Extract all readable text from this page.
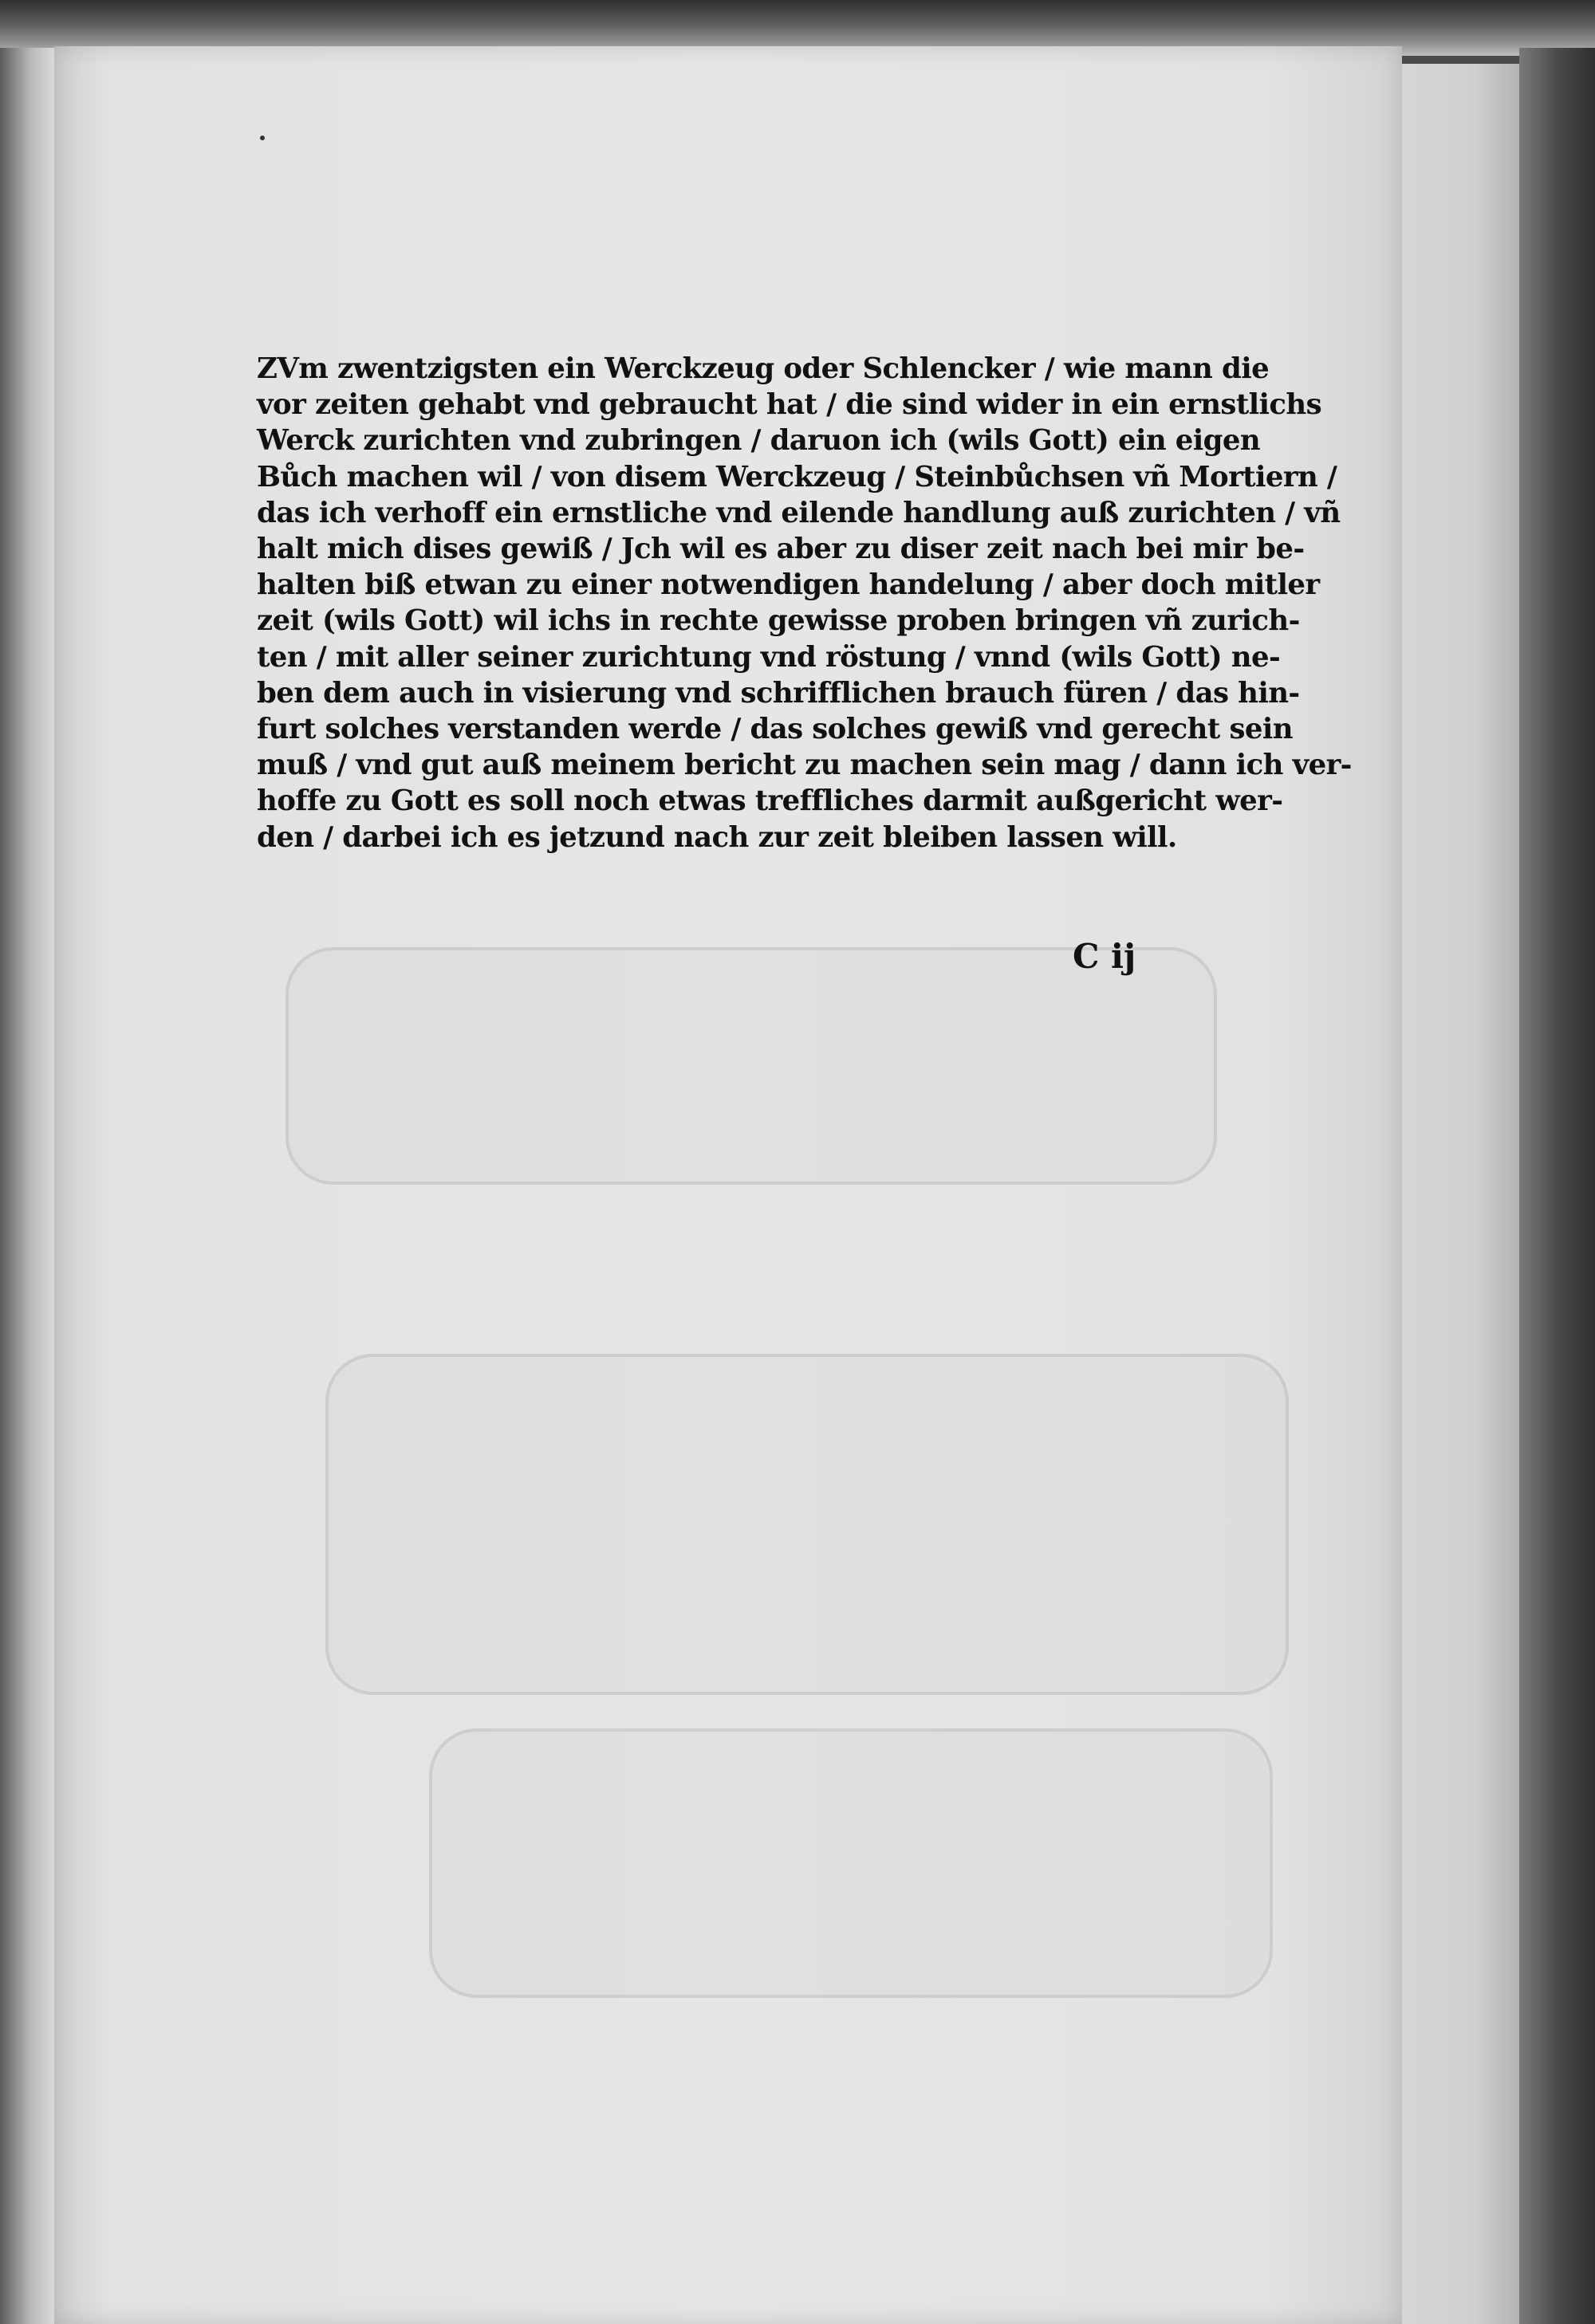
ZVm zwentzigsten ein Werckzeug oder Schlencker / wie mann die
vor zeiten gehabt vnd gebraucht hat / die sind wider in ein ernstlichs
Werck zurichten vnd zubringen / daruon ich (wils Gott) ein eigen
Bůch machen wil / von disem Werckzeug / Steinbůchsen vñ Mortiern /
das ich verhoff ein ernstliche vnd eilende handlung auß zurichten / vñ
halt mich dises gewiß / Jch wil es aber zu diser zeit nach bei mir be-
halten biß etwan zu einer notwendigen handelung / aber doch mitler
zeit (wils Gott) wil ichs in rechte gewisse proben bringen vñ zurich-
ten / mit aller seiner zurichtung vnd röstung / vnnd (wils Gott) ne-
ben dem auch in visierung vnd schrifflichen brauch füren / das hin-
furt solches verstanden werde / das solches gewiß vnd gerecht sein
muß / vnd gut auß meinem bericht zu machen sein mag / dann ich ver-
hoffe zu Gott es soll noch etwas treffliches darmit außgericht wer-
den / darbei ich es jetzund nach zur zeit bleiben lassen will.
C ij
